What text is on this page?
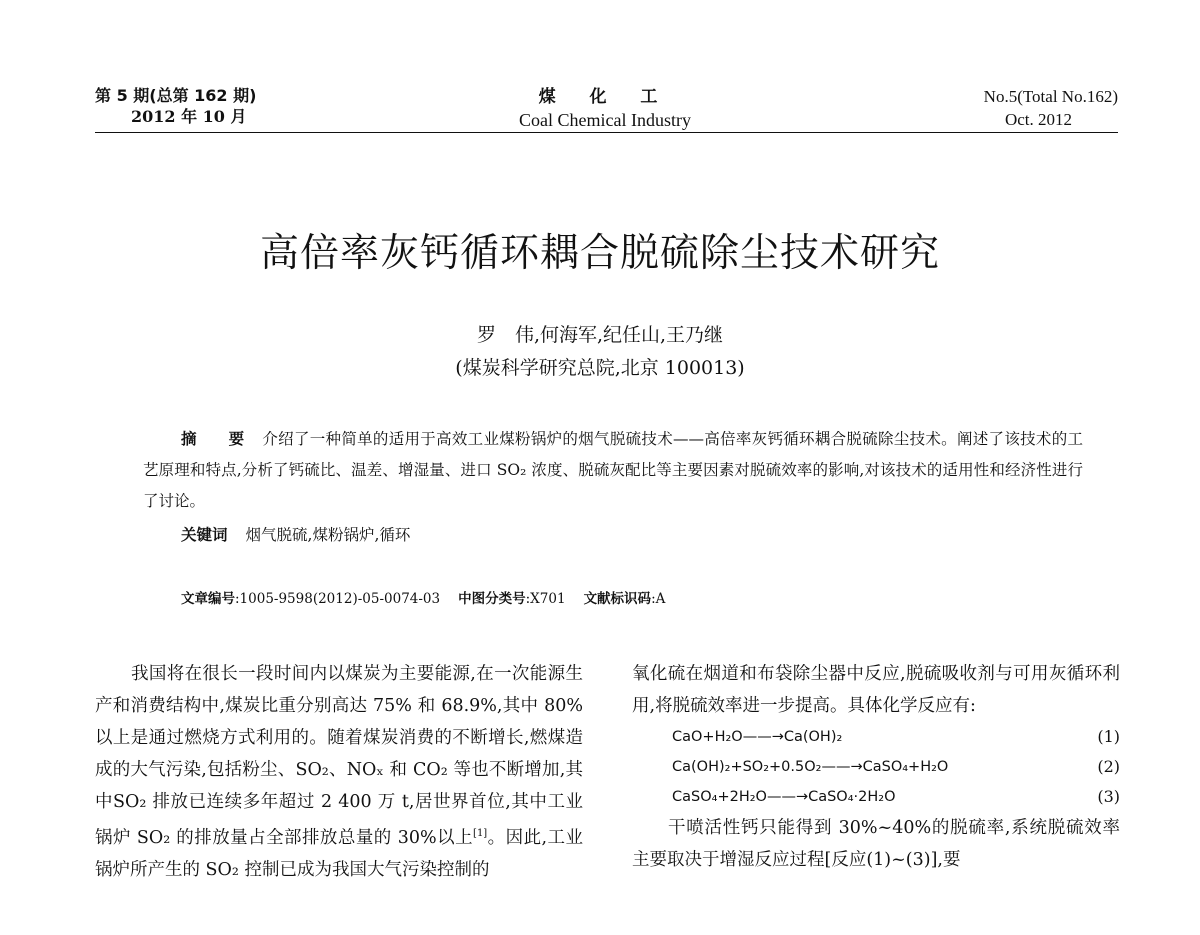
第 5 期(总第 162 期)
2012 年 10 月
煤 化 工
Coal Chemical Industry
No.5(Total No.162)
Oct. 2012
高倍率灰钙循环耦合脱硫除尘技术研究
罗　伟,何海军,纪任山,王乃继
(煤炭科学研究总院,北京 100013)
摘　要 介绍了一种简单的适用于高效工业煤粉锅炉的烟气脱硫技术——高倍率灰钙循环耦合脱硫除尘技术。阐述了该技术的工艺原理和特点,分析了钙硫比、温差、增湿量、进口 SO₂ 浓度、脱硫灰配比等主要因素对脱硫效率的影响,对该技术的适用性和经济性进行了讨论。
关键词 烟气脱硫,煤粉锅炉,循环
文章编号:1005-9598(2012)-05-0074-03 中图分类号:X701 文献标识码:A

我国将在很长一段时间内以煤炭为主要能源,在一次能源生产和消费结构中,煤炭比重分别高达 75% 和 68.9%,其中 80%以上是通过燃烧方式利用的。随着煤炭消费的不断增长,燃煤造成的大气污染,包括粉尘、SO₂、NOₓ 和 CO₂ 等也不断增加,其中SO₂ 排放已连续多年超过 2 400 万 t,居世界首位,其中工业锅炉 SO₂ 的排放量占全部排放总量的 30%以上[1]。因此,工业锅炉所产生的 SO₂ 控制已成为我国大气污染控制的

氧化硫在烟道和布袋除尘器中反应,脱硫吸收剂与可用灰循环利用,将脱硫效率进一步提高。具体化学反应有:

CaO+H₂O——→Ca(OH)₂	(1)
Ca(OH)₂+SO₂+0.5O₂——→CaSO₄+H₂O	(2)
CaSO₄+2H₂O——→CaSO₄·2H₂O	(3)

干喷活性钙只能得到 30%~40%的脱硫率,系统脱硫效率主要取决于增湿反应过程[反应(1)~(3)],要
